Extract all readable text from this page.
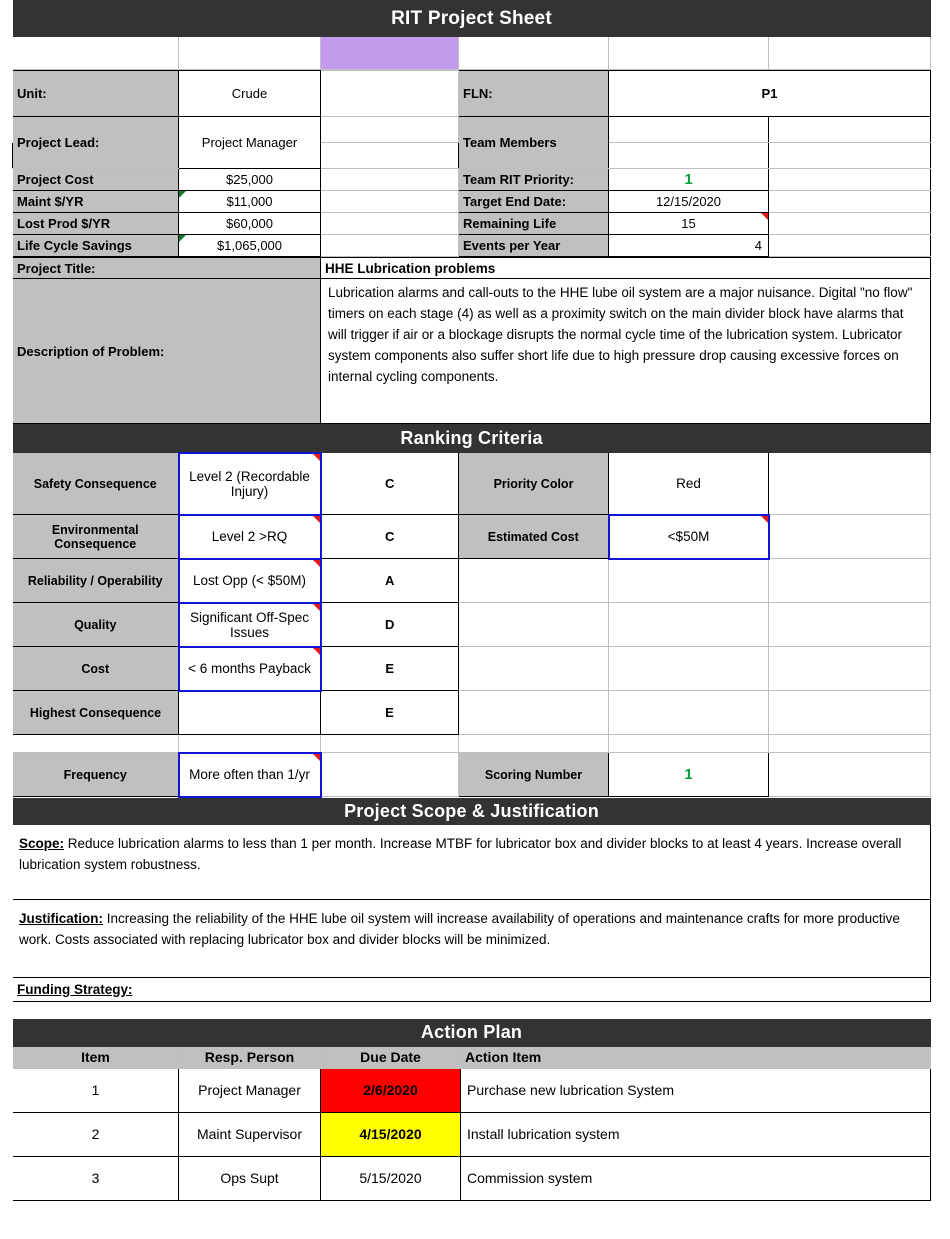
	RIT Project Sheet						

	Unit:	Crude		FLN:	P1		
	Project Lead:	Project Manager		Team Members			

	Project Cost	$25,000		Team RIT Priority:	1		
	Maint $/YR	$11,000		Target End Date:	12/15/2020		
	Lost Prod $/YR	$60,000		Remaining Life	15		
	Life Cycle Savings	$1,065,000		Events per Year	4		
	Project Title:	HHE Lubrication problems	
	Description of Problem:	Lubrication alarms and call-outs to the HHE lube oil system are a major nuisance. Digital "no flow" timers on each stage (4) as well as a proximity switch on the main divider block have alarms that will trigger if air or a blockage disrupts the normal cycle time of the lubrication system. Lubricator system components also suffer short life due to high pressure drop causing excessive forces on internal cycling components.	
	Ranking Criteria						
	Safety Consequence	Level 2 (Recordable Injury)	C	Priority Color	Red		
	Environmental Consequence	Level 2 >RQ	C	Estimated Cost	<$50M		
	Reliability / Operability	Lost Opp (< $50M)	A				
	Quality	Significant Off-Spec Issues	D				
	Cost	< 6 months Payback	E				
	Highest Consequence		E				

	Frequency	More often than 1/yr		Scoring Number	1		
	Project Scope & Justification	
	Scope: Reduce lubrication alarms to less than 1 per month. Increase MTBF for lubricator box and divider blocks to at least 4 years. Increase overall lubrication system robustness.	
	Justification: Increasing the reliability of the HHE lube oil system will increase availability of operations and maintenance crafts for more productive work. Costs associated with replacing lubricator box and divider blocks will be minimized.	
	Funding Strategy:	

	Action Plan				
	Item	Resp. Person	Due Date	Action Item	
	1	Project Manager	2/6/2020	Purchase new lubrication System	
	2	Maint Supervisor	4/15/2020	Install lubrication system	
	3	Ops Supt	5/15/2020	Commission system	
